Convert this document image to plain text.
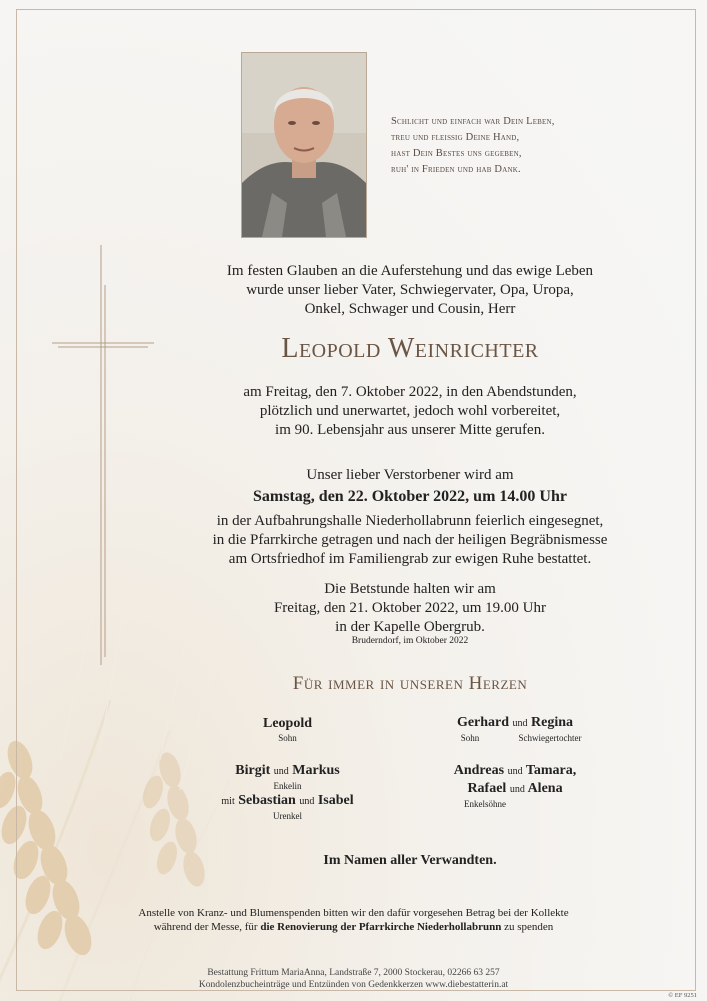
Schlicht und einfach war Dein Leben,
treu und fleißig Deine Hand,
hast Dein Bestes uns gegeben,
ruh' in Frieden und hab Dank.
Im festen Glauben an die Auferstehung und das ewige Leben
wurde unser lieber Vater, Schwiegervater, Opa, Uropa,
Onkel, Schwager und Cousin, Herr
Leopold Weinrichter
am Freitag, den 7. Oktober 2022, in den Abendstunden,
plötzlich und unerwartet, jedoch wohl vorbereitet,
im 90. Lebensjahr aus unserer Mitte gerufen.
Unser lieber Verstorbener wird am
Samstag, den 22. Oktober 2022, um 14.00 Uhr
in der Aufbahrungshalle Niederhollabrunn feierlich eingesegnet,
in die Pfarrkirche getragen und nach der heiligen Begräbnismesse
am Ortsfriedhof im Familiengrab zur ewigen Ruhe bestattet.
Die Betstunde halten wir am
Freitag, den 21. Oktober 2022, um 19.00 Uhr
in der Kapelle Obergrub.
Bruderndorf, im Oktober 2022
Für immer in unseren Herzen
Leopold
Sohn
Gerhard und Regina
Sohn	Schwiegertochter
Birgit und Markus
Enkelin
mit Sebastian und Isabel
Urenkel
Andreas und Tamara,
Rafael und Alena
Enkelsöhne
Im Namen aller Verwandten.
Anstelle von Kranz- und Blumenspenden bitten wir den dafür vorgesehen Betrag bei der Kollekte
während der Messe, für die Renovierung der Pfarrkirche Niederhollabrunn zu spenden
Bestattung Frittum MariaAnna, Landstraße 7, 2000 Stockerau, 02266 63 257
Kondolenzbucheinträge und Entzünden von Gedenkkerzen www.diebestatterin.at
© EF 9251
